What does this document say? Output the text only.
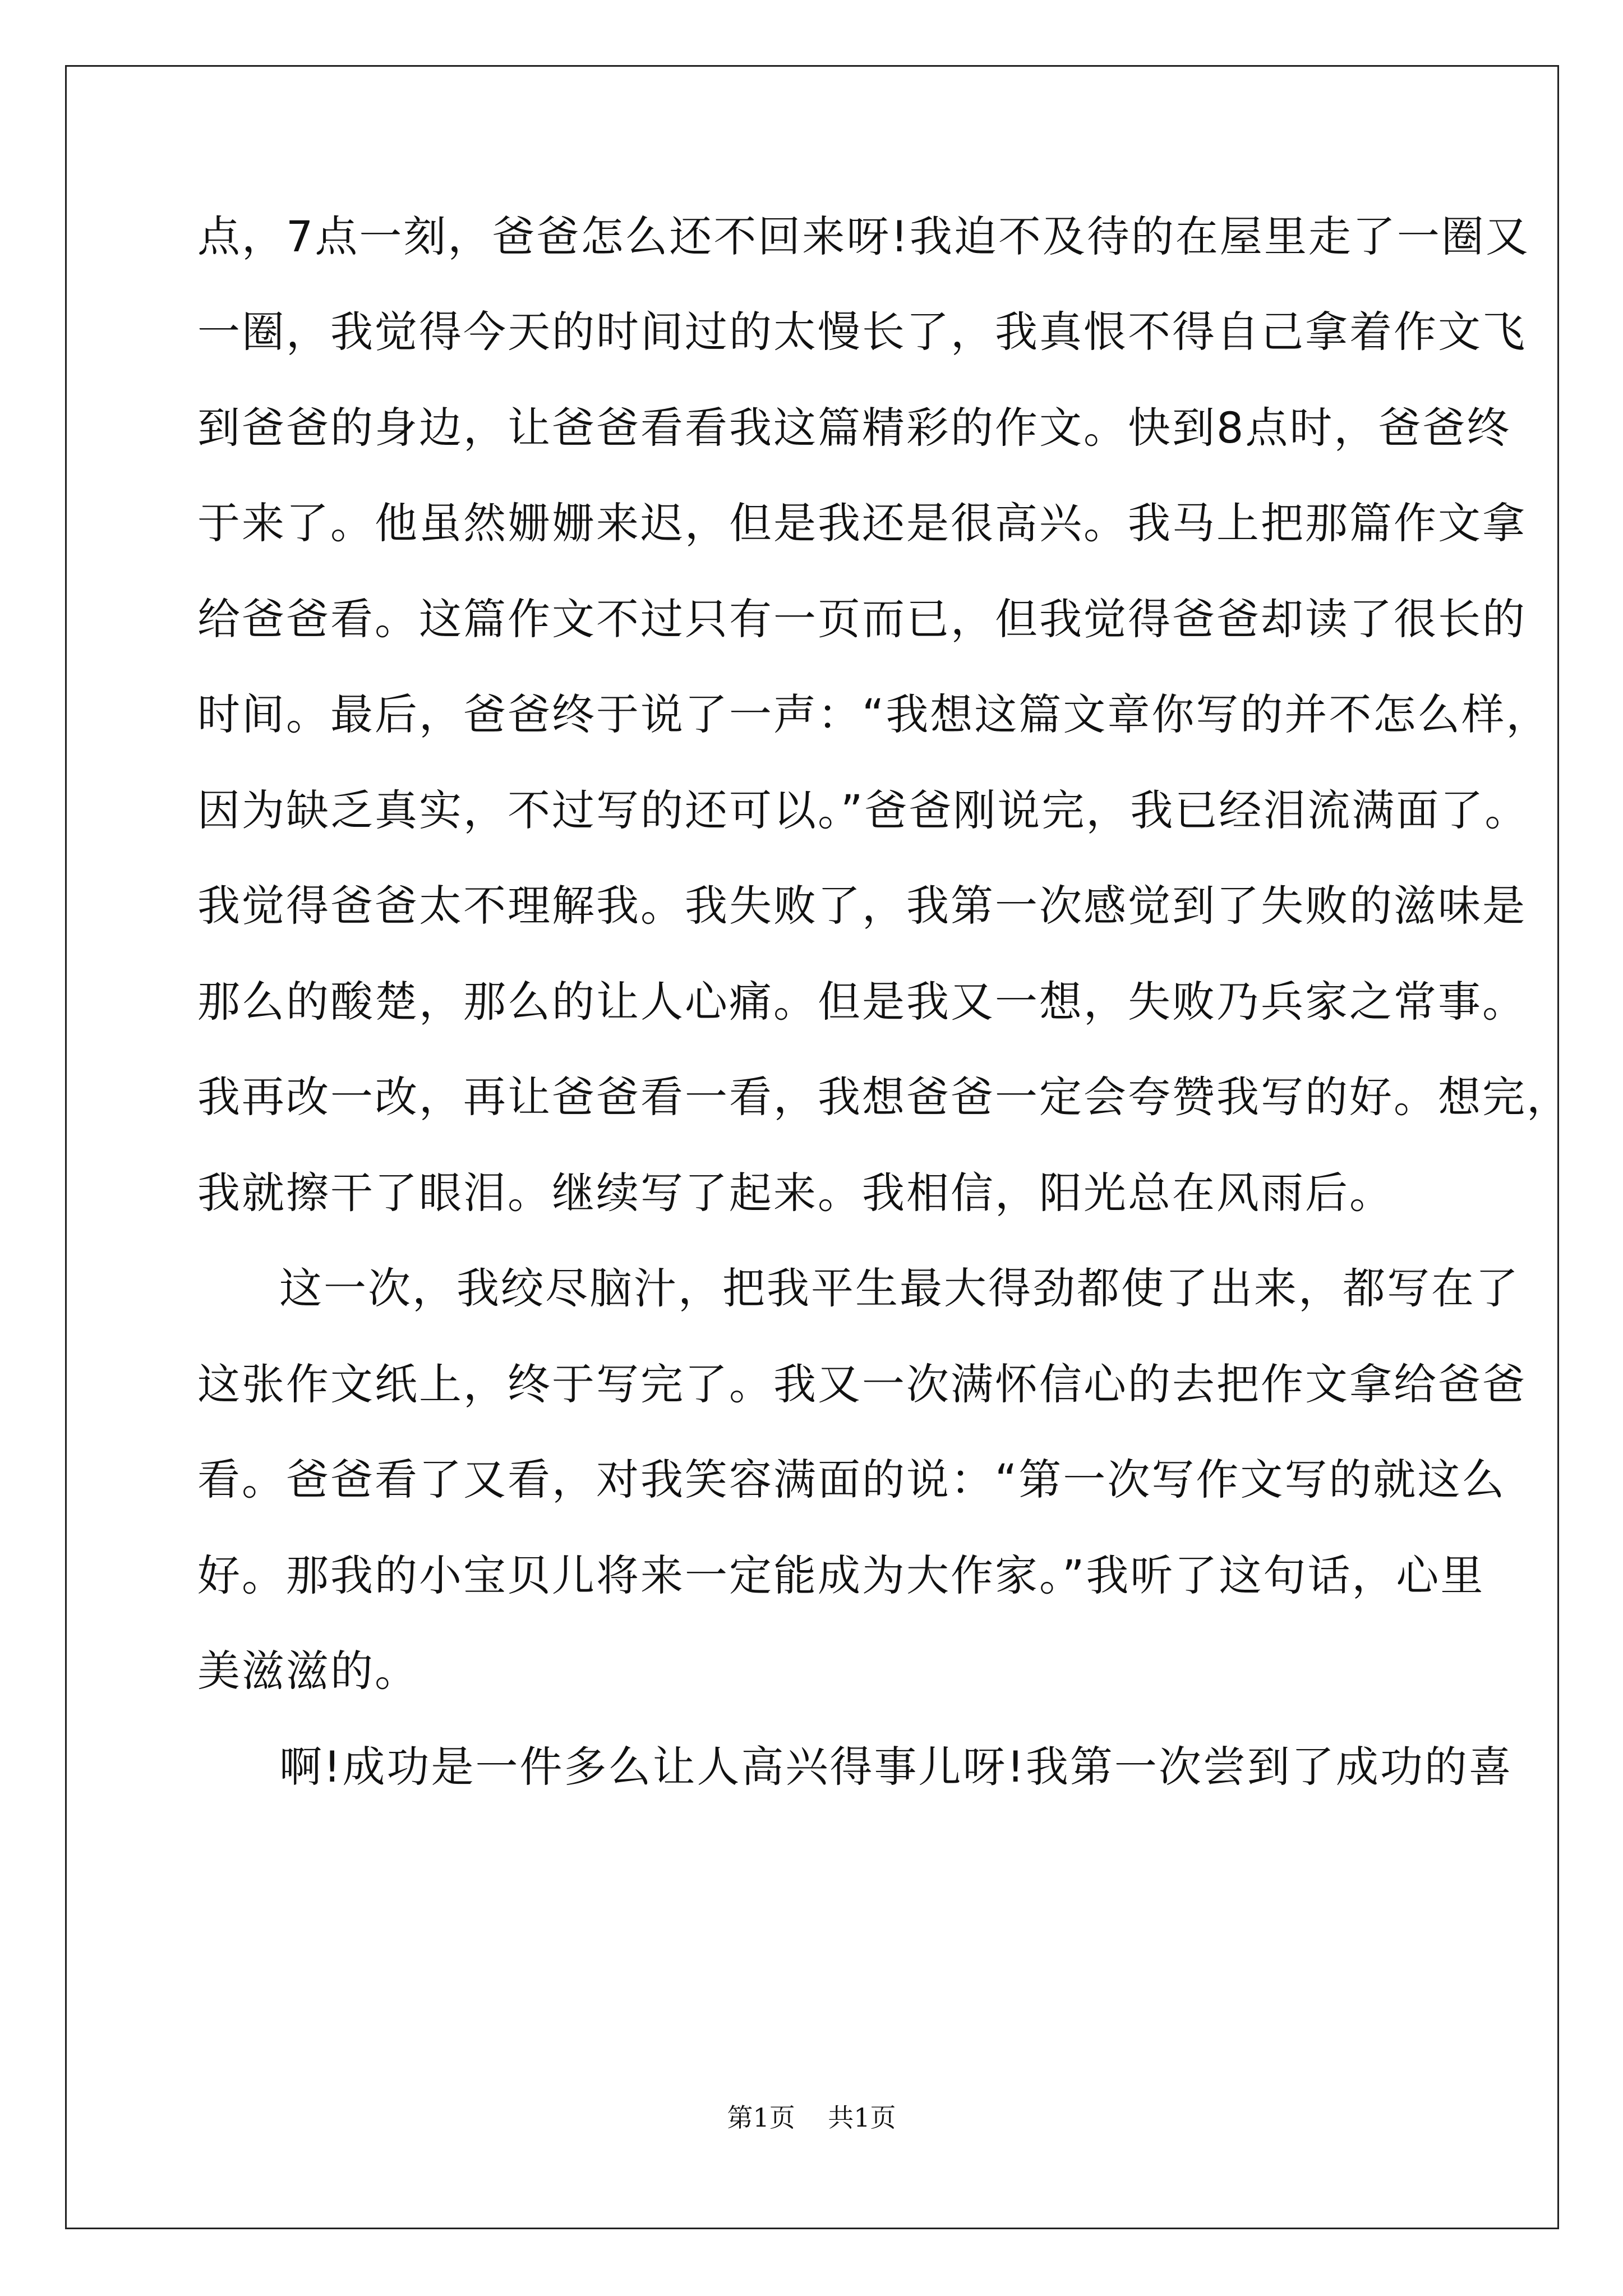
点，7点一刻，爸爸怎么还不回来呀!我迫不及待的在屋里走了一圈又
一圈，我觉得今天的时间过的太慢长了，我真恨不得自己拿着作文飞
到爸爸的身边，让爸爸看看我这篇精彩的作文。快到8点时，爸爸终
于来了。他虽然姗姗来迟，但是我还是很高兴。我马上把那篇作文拿
给爸爸看。这篇作文不过只有一页而已，但我觉得爸爸却读了很长的
时间。最后，爸爸终于说了一声：“我想这篇文章你写的并不怎么样，
因为缺乏真实，不过写的还可以。”爸爸刚说完，我已经泪流满面了。
我觉得爸爸太不理解我。我失败了，我第一次感觉到了失败的滋味是
那么的酸楚，那么的让人心痛。但是我又一想，失败乃兵家之常事。
我再改一改，再让爸爸看一看，我想爸爸一定会夸赞我写的好。想完，
我就擦干了眼泪。继续写了起来。我相信，阳光总在风雨后。
这一次，我绞尽脑汁，把我平生最大得劲都使了出来，都写在了
这张作文纸上，终于写完了。我又一次满怀信心的去把作文拿给爸爸
看。爸爸看了又看，对我笑容满面的说：“第一次写作文写的就这么
好。那我的小宝贝儿将来一定能成为大作家。”我听了这句话，心里
美滋滋的。
啊!成功是一件多么让人高兴得事儿呀!我第一次尝到了成功的喜
第1页 共1页
